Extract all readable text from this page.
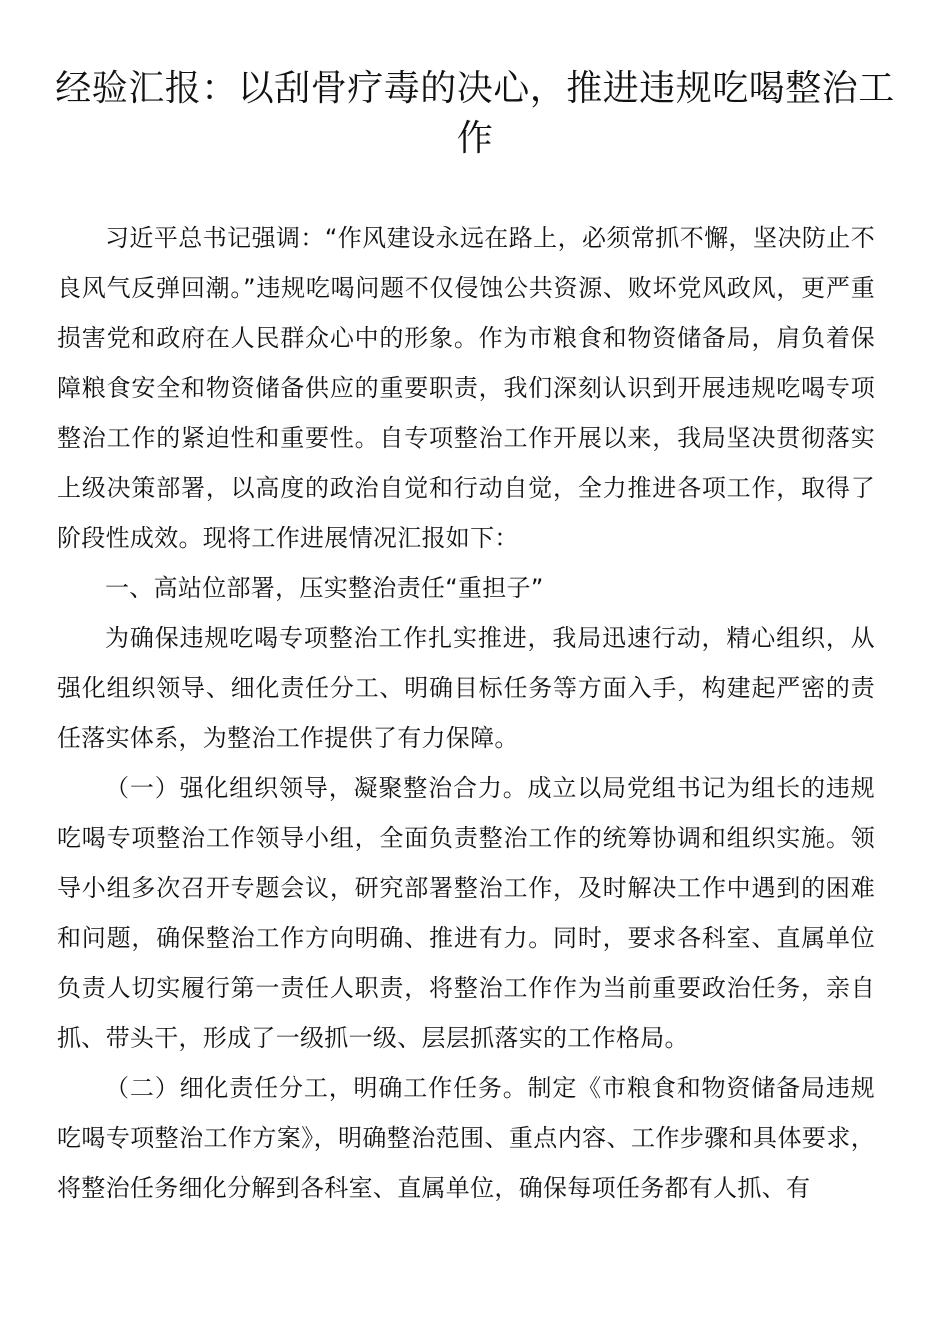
经验汇报：以刮骨疗毒的决心，推进违规吃喝整治工作

习近平总书记强调：“作风建设永远在路上，必须常抓不懈，坚决防止不良风气反弹回潮。”违规吃喝问题不仅侵蚀公共资源、败坏党风政风，更严重损害党和政府在人民群众心中的形象。作为市粮食和物资储备局，肩负着保障粮食安全和物资储备供应的重要职责，我们深刻认识到开展违规吃喝专项整治工作的紧迫性和重要性。自专项整治工作开展以来，我局坚决贯彻落实上级决策部署，以高度的政治自觉和行动自觉，全力推进各项工作，取得了阶段性成效。现将工作进展情况汇报如下：

一、高站位部署，压实整治责任“重担子”

为确保违规吃喝专项整治工作扎实推进，我局迅速行动，精心组织，从强化组织领导、细化责任分工、明确目标任务等方面入手，构建起严密的责任落实体系，为整治工作提供了有力保障。

（一）强化组织领导，凝聚整治合力。成立以局党组书记为组长的违规吃喝专项整治工作领导小组，全面负责整治工作的统筹协调和组织实施。领导小组多次召开专题会议，研究部署整治工作，及时解决工作中遇到的困难和问题，确保整治工作方向明确、推进有力。同时，要求各科室、直属单位负责人切实履行第一责任人职责，将整治工作作为当前重要政治任务，亲自抓、带头干，形成了一级抓一级、层层抓落实的工作格局。

（二）细化责任分工，明确工作任务。制定《市粮食和物资储备局违规吃喝专项整治工作方案》，明确整治范围、重点内容、工作步骤和具体要求，将整治任务细化分解到各科室、直属单位，确保每项任务都有人抓、有
